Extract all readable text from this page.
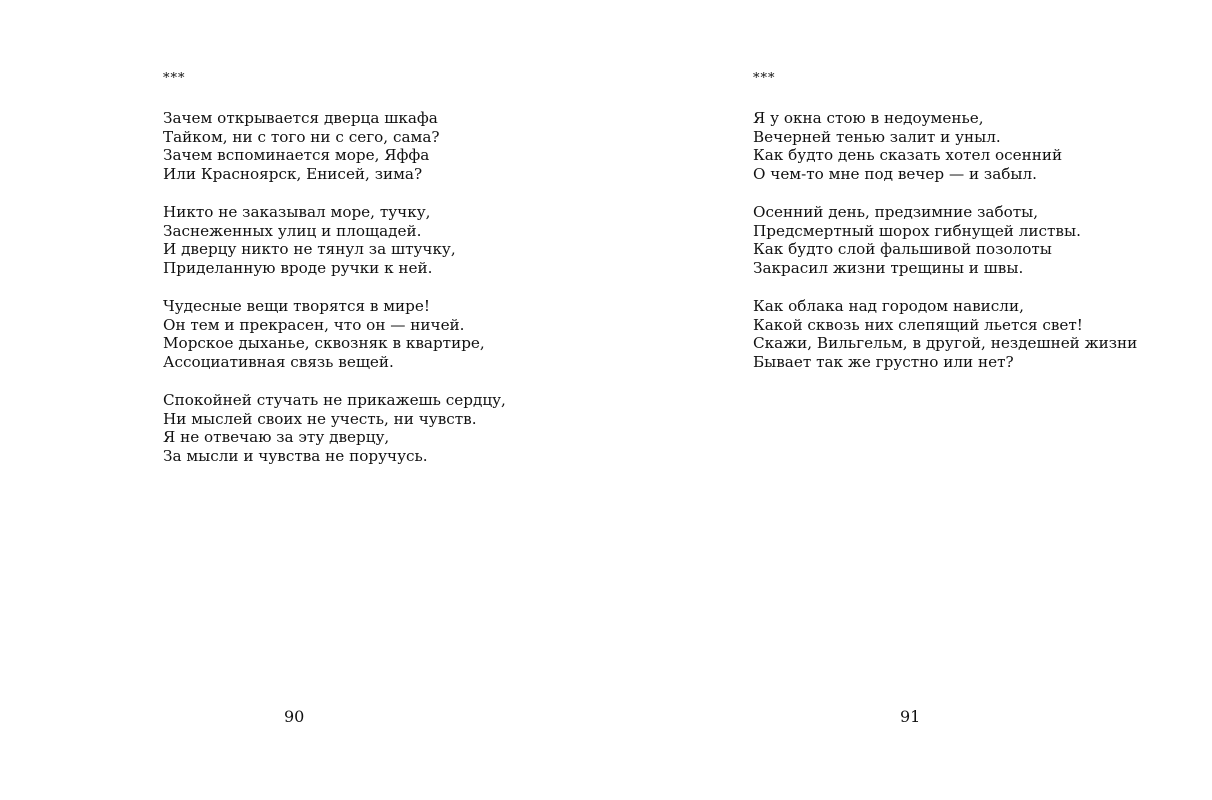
***
Зачем открывается дверца шкафа
Тайком, ни с того ни с сего, сама?
Зачем вспоминается море, Яффа
Или Красноярск, Енисей, зима?
Никто не заказывал море, тучку,
Заснеженных улиц и площадей.
И дверцу никто не тянул за штучку,
Приделанную вроде ручки к ней.
Чудесные вещи творятся в мире!
Он тем и прекрасен, что он — ничей.
Морское дыханье, сквозняк в квартире,
Ассоциативная связь вещей.
Спокойней стучать не прикажешь сердцу,
Ни мыслей своих не учесть, ни чувств.
Я не отвечаю за эту дверцу,
За мысли и чувства не поручусь.
90
***
Я у окна стою в недоуменье,
Вечерней тенью залит и уныл.
Как будто день сказать хотел осенний
О чем-то мне под вечер — и забыл.
Осенний день, предзимние заботы,
Предсмертный шорох гибнущей листвы.
Как будто слой фальшивой позолоты
Закрасил жизни трещины и швы.
Как облака над городом нависли,
Какой сквозь них слепящий льется свет!
Скажи, Вильгельм, в другой, нездешней жизни
Бывает так же грустно или нет?
91
